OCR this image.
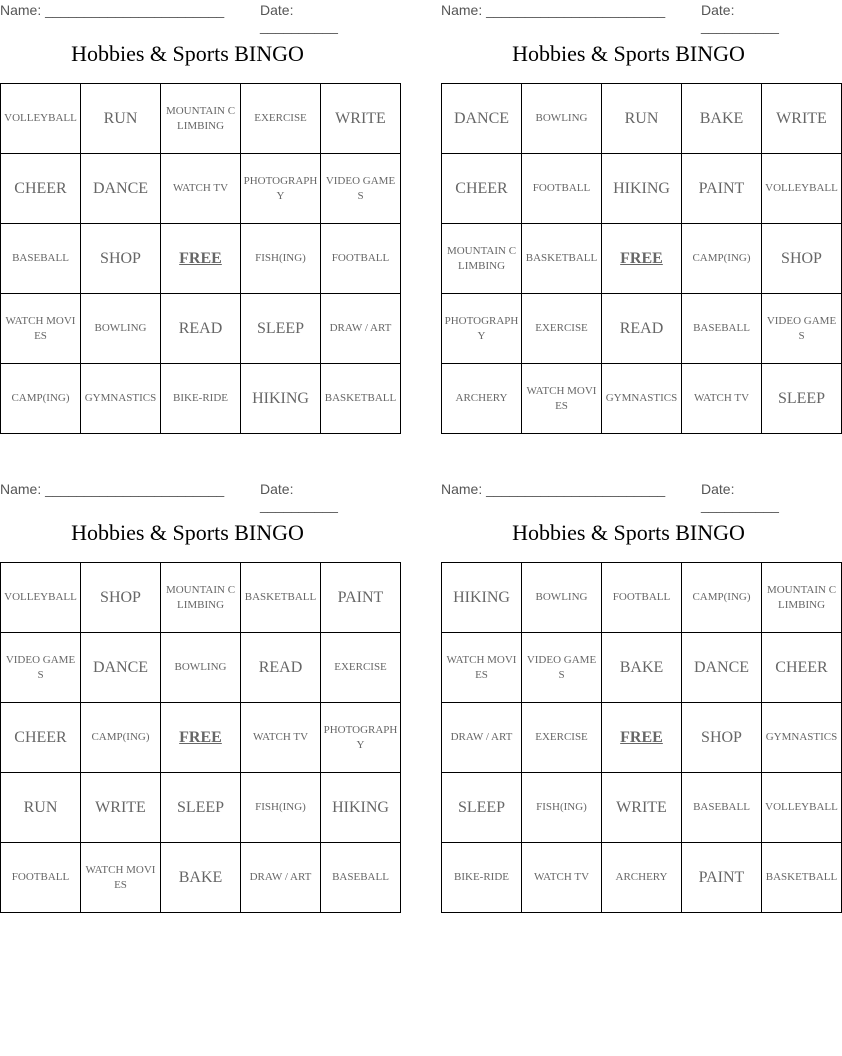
Name: _______________________	Date: __________
Hobbies & Sports BINGO
VOLLEYBALL	RUN	MOUNTAIN CLIMBING	EXERCISE	WRITE
CHEER	DANCE	WATCH TV	PHOTOGRAPHY	VIDEO GAMES
BASEBALL	SHOP	FREE	FISH(ING)	FOOTBALL
WATCH MOVIES	BOWLING	READ	SLEEP	DRAW / ART
CAMP(ING)	GYMNASTICS	BIKE-RIDE	HIKING	BASKETBALL
Name: _______________________	Date: __________
Hobbies & Sports BINGO
DANCE	BOWLING	RUN	BAKE	WRITE
CHEER	FOOTBALL	HIKING	PAINT	VOLLEYBALL
MOUNTAIN CLIMBING	BASKETBALL	FREE	CAMP(ING)	SHOP
PHOTOGRAPHY	EXERCISE	READ	BASEBALL	VIDEO GAMES
ARCHERY	WATCH MOVIES	GYMNASTICS	WATCH TV	SLEEP
Name: _______________________	Date: __________
Hobbies & Sports BINGO
VOLLEYBALL	SHOP	MOUNTAIN CLIMBING	BASKETBALL	PAINT
VIDEO GAMES	DANCE	BOWLING	READ	EXERCISE
CHEER	CAMP(ING)	FREE	WATCH TV	PHOTOGRAPHY
RUN	WRITE	SLEEP	FISH(ING)	HIKING
FOOTBALL	WATCH MOVIES	BAKE	DRAW / ART	BASEBALL
Name: _______________________	Date: __________
Hobbies & Sports BINGO
HIKING	BOWLING	FOOTBALL	CAMP(ING)	MOUNTAIN CLIMBING
WATCH MOVIES	VIDEO GAMES	BAKE	DANCE	CHEER
DRAW / ART	EXERCISE	FREE	SHOP	GYMNASTICS
SLEEP	FISH(ING)	WRITE	BASEBALL	VOLLEYBALL
BIKE-RIDE	WATCH TV	ARCHERY	PAINT	BASKETBALL
